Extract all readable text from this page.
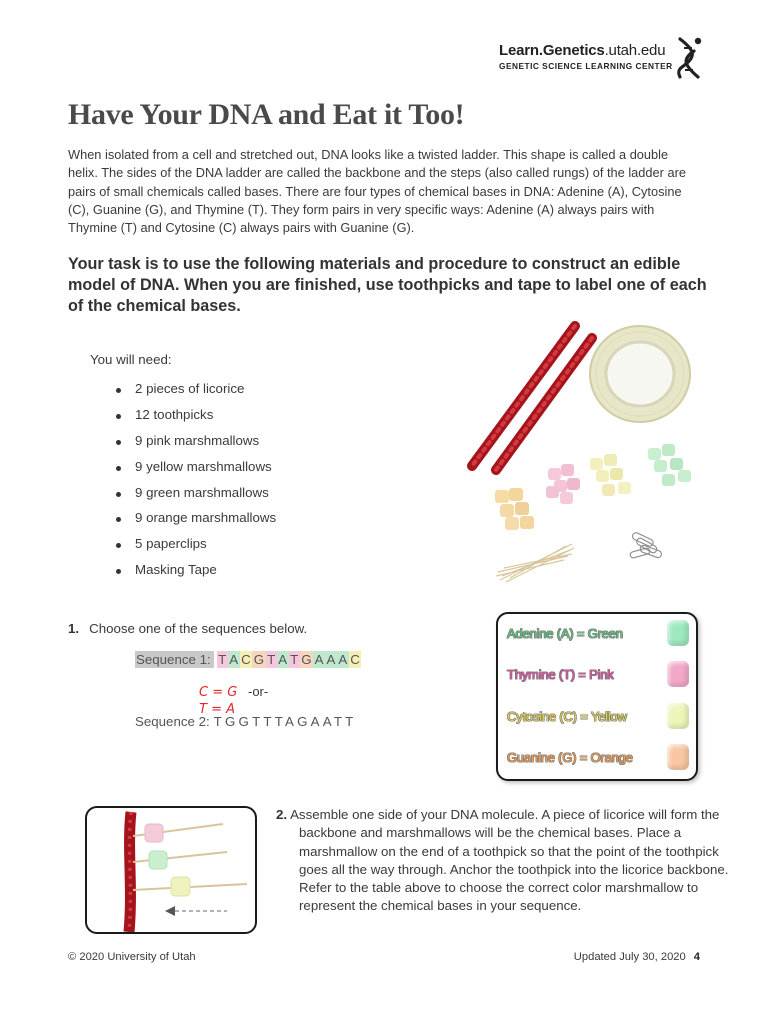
Learn.Genetics.utah.edu
GENETIC SCIENCE LEARNING CENTER
Have Your DNA and Eat it Too!

When isolated from a cell and stretched out, DNA looks like a twisted ladder. This shape is called a double helix. The sides of the DNA ladder are called the backbone and the steps (also called rungs) of the ladder are pairs of small chemicals called bases. There are four types of chemical bases in DNA: Adenine (A), Cytosine (C), Guanine (G), and Thymine (T). They form pairs in very specific ways: Adenine (A) always pairs with Thymine (T) and Cytosine (C) always pairs with Guanine (G).

Your task is to use the following materials and procedure to construct an edible model of DNA. When you are finished, use toothpicks and tape to label one of each of the chemical bases.

You will need:
2 pieces of licorice
12 toothpicks
9 pink marshmallows
9 yellow marshmallows
9 green marshmallows
9 orange marshmallows
5 paperclips
Masking Tape
1. Choose one of the sequences below.
Sequence 1: T A C G T A T G A A A C
C = G
T = A
-or-
Sequence 2: TGGTTTAGAATT
Adenine (A) = Green
Thymine (T) = Pink
Cytosine (C) = Yellow
Guanine (G) = Orange

2. Assemble one side of your DNA molecule. A piece of licorice will form the backbone and marshmallows will be the chemical bases. Place a marshmallow on the end of a toothpick so that the point of the toothpick goes all the way through. Anchor the toothpick into the licorice backbone. Refer to the table above to choose the correct color marshmallow to represent the chemical bases in your sequence.

© 2020 University of Utah	Updated July 30, 2020 4
